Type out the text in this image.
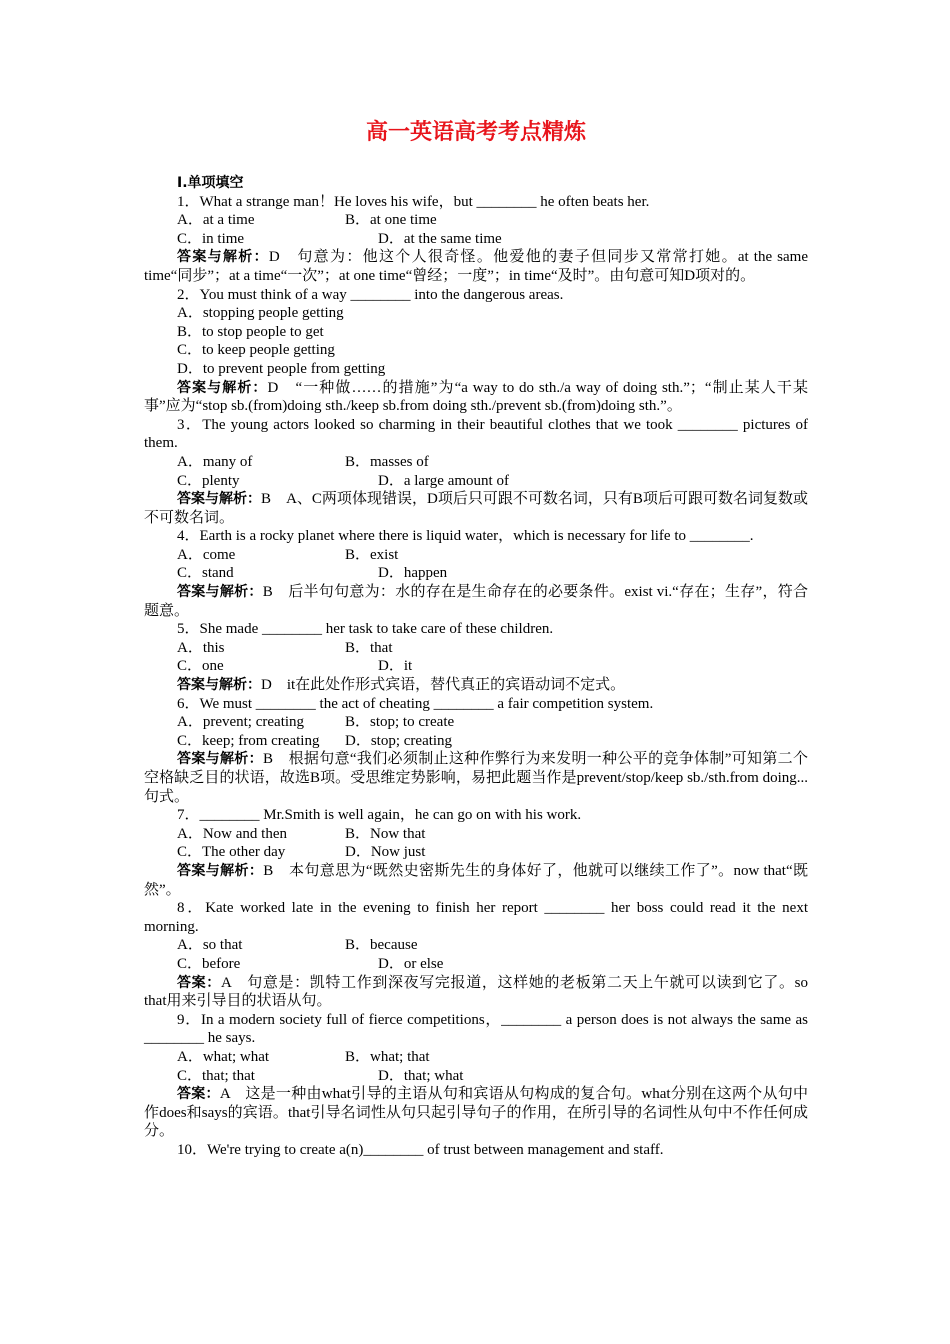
高一英语高考考点精炼
Ⅰ.单项填空
1．What a strange man！He loves his wife，but ________ he often beats her.
A．at a time	B．at one time
C．in time	D．at the same time
答案与解析：D　句意为：他这个人很奇怪。他爱他的妻子但同步又常常打她。at the same time“同步”；at a time“一次”；at one time“曾经；一度”；in time“及时”。由句意可知D项对的。
2．You must think of a way ________ into the dangerous areas.
A．stopping people getting
B．to stop people to get
C．to keep people getting
D．to prevent people from getting
答案与解析：D　“一种做……的措施”为“a way to do sth./a way of doing sth.”；“制止某人干某事”应为“stop sb.(from)doing sth./keep sb.from doing sth./prevent sb.(from)doing sth.”。
3．The young actors looked so charming in their beautiful clothes that we took ________ pictures of them.
A．many of	B．masses of
C．plenty	D．a large amount of
答案与解析：B　A、C两项体现错误，D项后只可跟不可数名词，只有B项后可跟可数名词复数或不可数名词。
4．Earth is a rocky planet where there is liquid water，which is necessary for life to ________.
A．come	B．exist
C．stand	D．happen
答案与解析：B　后半句句意为：水的存在是生命存在的必要条件。exist vi.“存在；生存”，符合题意。
5．She made ________ her task to take care of these children.
A．this	B．that
C．one	D．it
答案与解析：D　it在此处作形式宾语，替代真正的宾语动词不定式。
6．We must ________ the act of cheating ________ a fair competition system.
A．prevent; creating	B．stop; to create
C．keep; from creating	D．stop; creating
答案与解析：B　根据句意“我们必须制止这种作弊行为来发明一种公平的竞争体制”可知第二个空格缺乏目的状语，故选B项。受思维定势影响，易把此题当作是prevent/stop/keep sb./sth.from doing...句式。
7．________ Mr.Smith is well again，he can go on with his work.
A．Now and then	B．Now that
C．The other day	D．Now just
答案与解析：B　本句意思为“既然史密斯先生的身体好了，他就可以继续工作了”。now that“既然”。
8．Kate worked late in the evening to finish her report ________ her boss could read it the next morning.
A．so that	B．because
C．before	D．or else
答案：A　句意是：凯特工作到深夜写完报道，这样她的老板第二天上午就可以读到它了。so that用来引导目的状语从句。
9．In a modern society full of fierce competitions，________ a person does is not always the same as ________ he says.
A．what; what	B．what; that
C．that; that	D．that; what
答案：A　这是一种由what引导的主语从句和宾语从句构成的复合句。what分别在这两个从句中作does和says的宾语。that引导名词性从句只起引导句子的作用，在所引导的名词性从句中不作任何成分。
10．We're trying to create a(n)________ of trust between management and staff.
